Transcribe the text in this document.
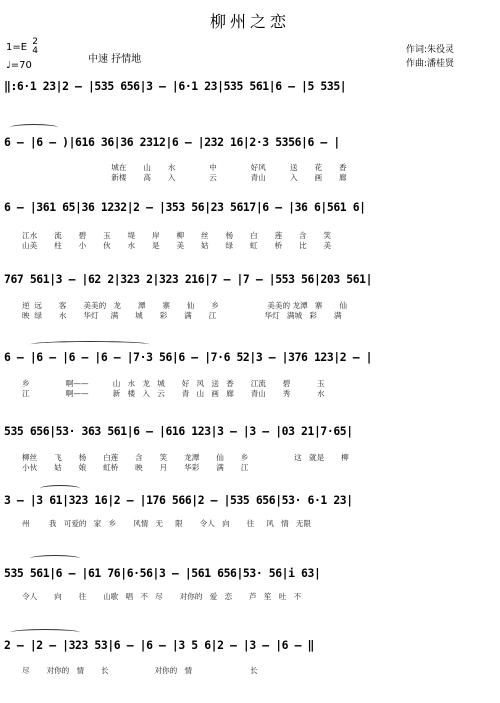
柳州之恋
1=E 2
4
♩=70
中速 抒情地
作词:朱役灵
作曲:潘桂贤
‖:6·1 23|2 – |535 656|3 – |6·1 23|535 561|6 – |5 535|
6 – |6 – )|616 36|36 2312|6 – |232 16|2·3 5356|6 – |
城在       山       水              中              好风          送       花       香
新楼       高       入              云              青山          入       画       廊
6 – |361 65|36 1232|2 – |353 56|23 5617|6 – |36 6|561 6|
江水       流       碧       玉       堤       岸       柳       丝       杨       白       莲       含       笑
山美       柱       小       伙       水       是       美       姑       绿       虹       桥       比       美
767 561|3 – |62 2|323 2|323 216|7 – |7 – |553 56|203 561|
逆  远       客       美美的   龙       潭       寨       仙       乡                    美美的 龙潭   寨       仙
映  绿       水       华灯     满       城       彩       满       江                    华灯   满城   彩       满
6 – |6 – |6 – |6 – |7·3 56|6 – |7·6 52|3 – |376 123|2 – |
乡               啊——          山   水   龙   城       好   风   送   香       江流       碧           玉
江               啊——          新   楼   入   云       青   山   画   廊       青山       秀           水
535 656|53· 363 561|6 – |616 123|3 – |3 – |03 21|7·65|
柳丝       飞       杨       白莲       含       笑       龙潭       仙       乡                   这   就是       柳
小伙       姑       娘       虹桥       映       月       华彩       满       江
3 – |3 61|323 16|2 – |176 566|2 – |535 656|53· 6·1 23|
州        我   可爱的   家   乡       风情   无     限       令人   向       往     风   情   无限
535 561|6 – |61 76|6·56|3 – |561 656|53· 56|i 63|
令人       向       往       山歌   唱   不   尽       对你的   爱   恋       芦   笙   吐   不
2 – |2 – |323 53|6 – |6 – |3 5 6|2 – |3 – |6 – ‖
尽       对你的   情       长                   对你的   情                        长
